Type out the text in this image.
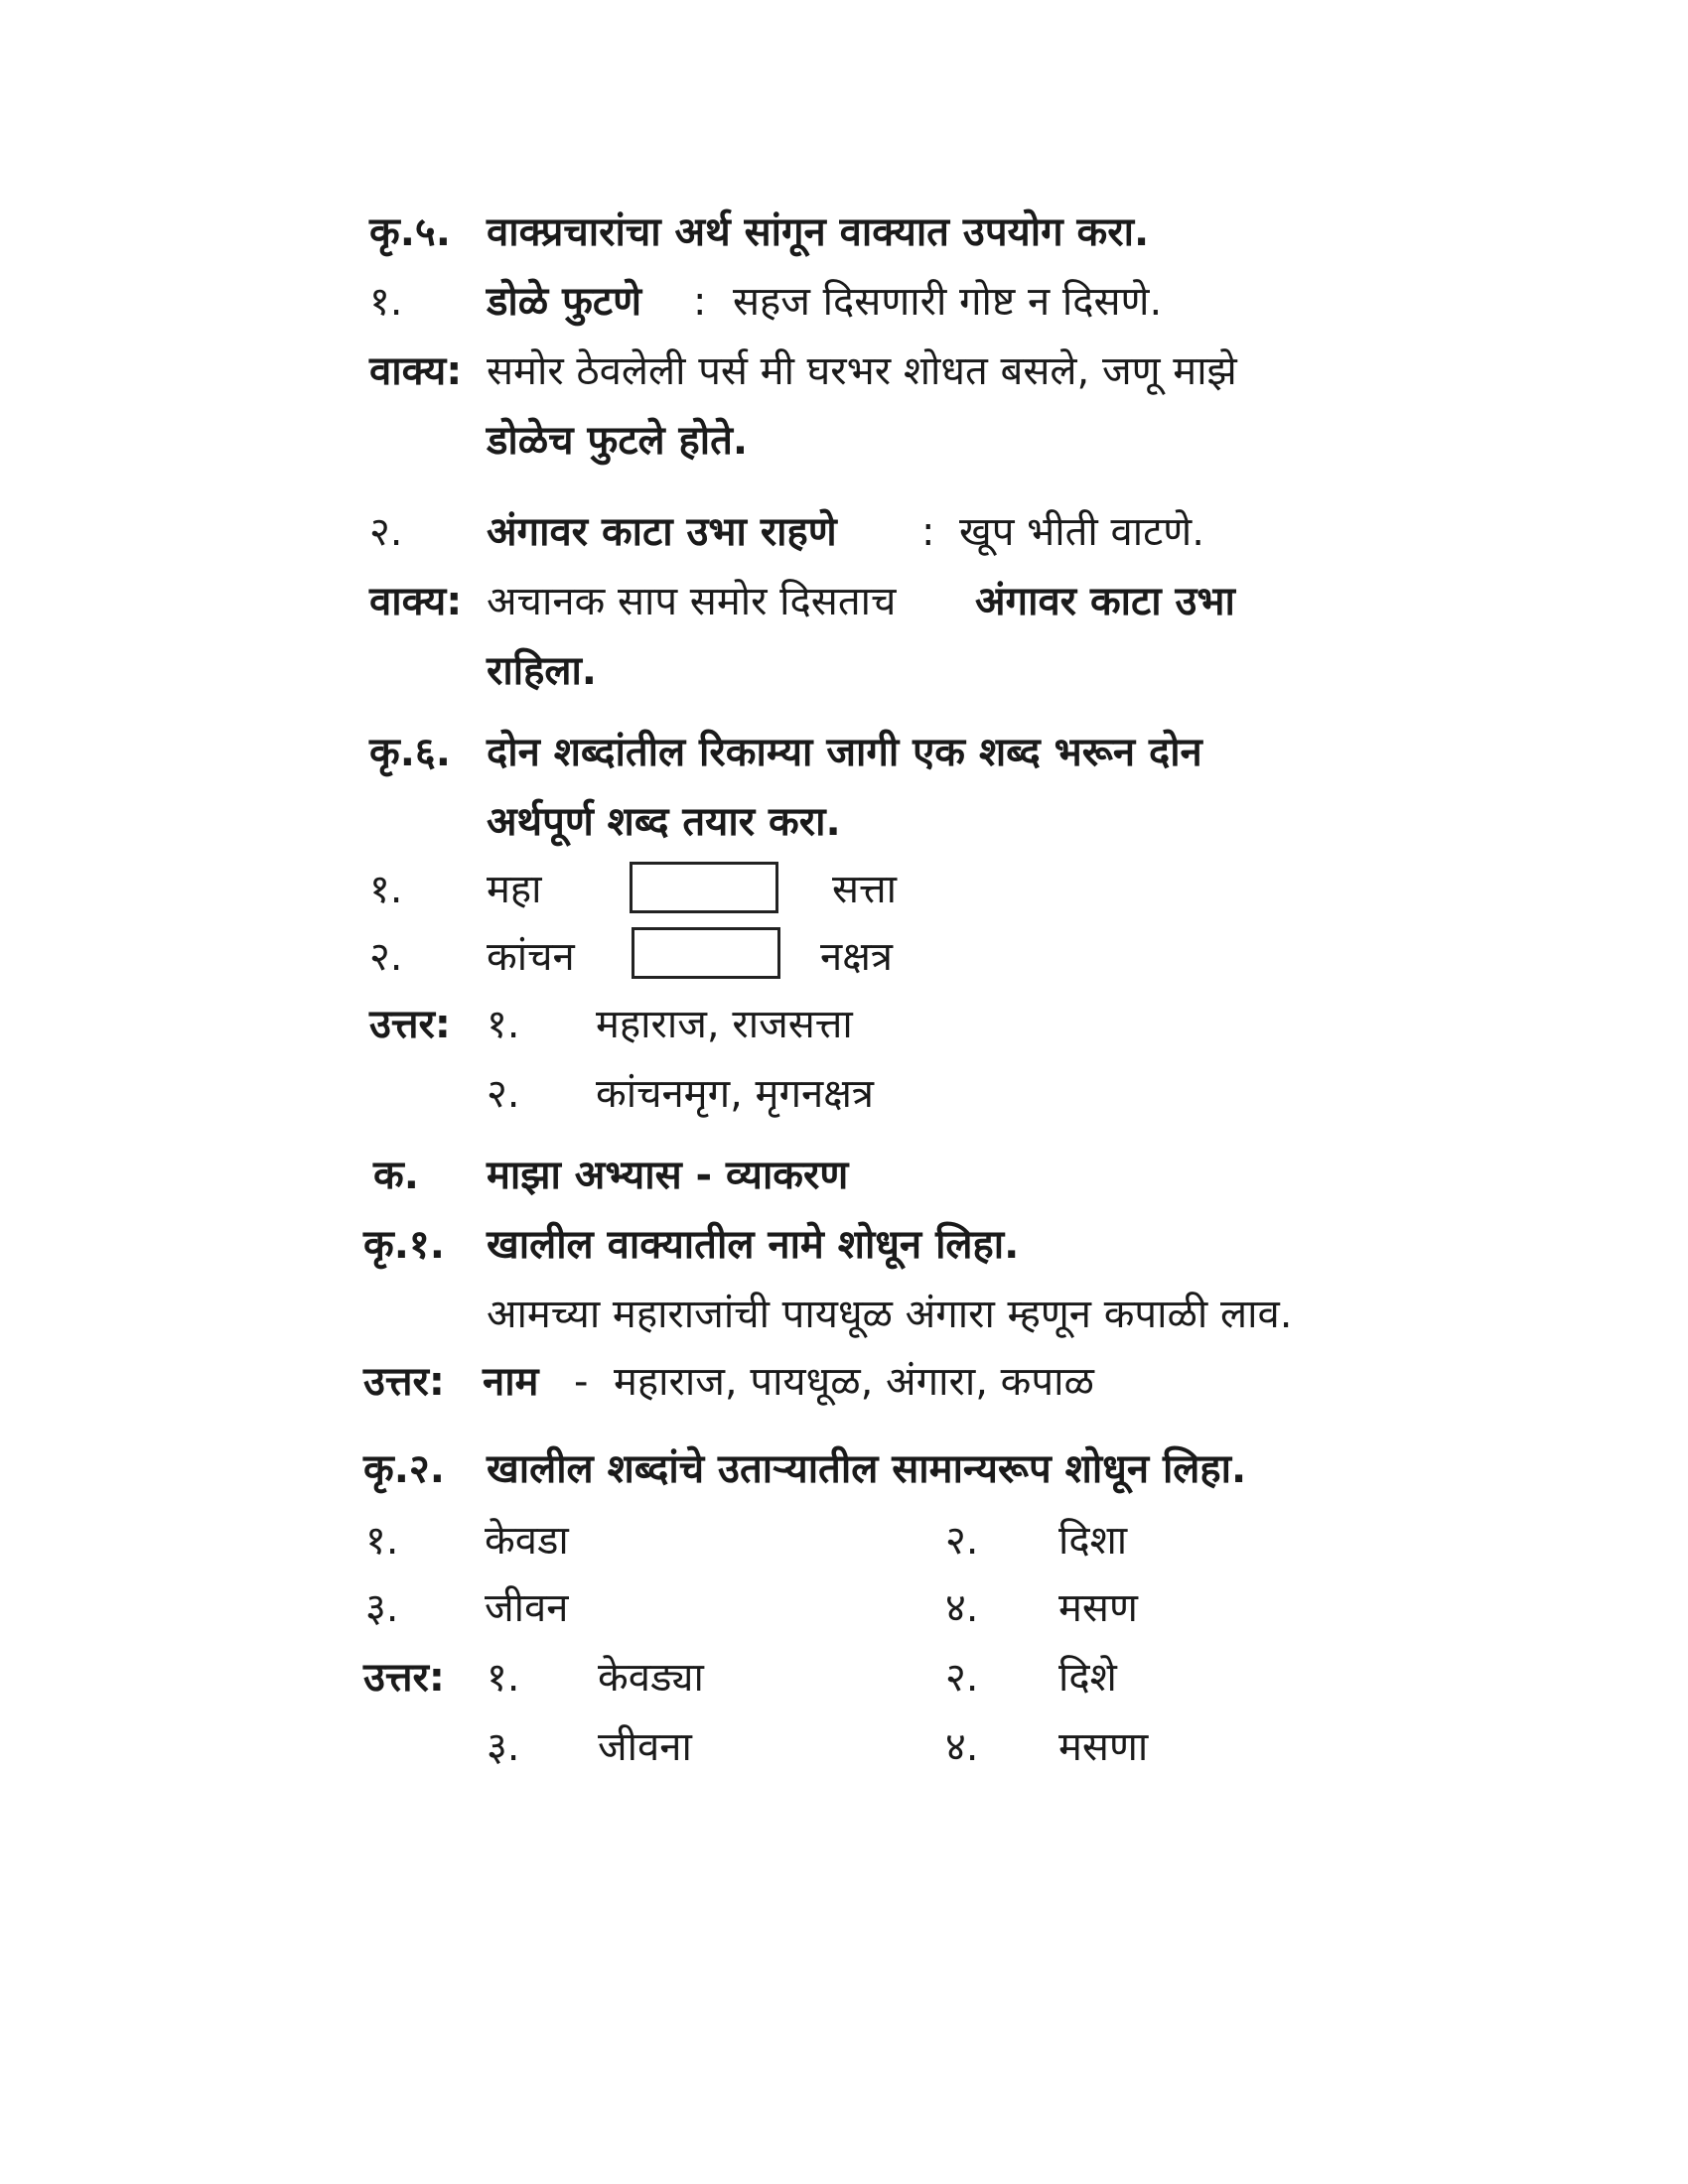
कृ.५. वाक्प्रचारांचा अर्थ सांगून वाक्यात उपयोग करा.
१. डोळे फुटणे : सहज दिसणारी गोष्ट न दिसणे.
वाक्य: समोर ठेवलेली पर्स मी घरभर शोधत बसले, जणू माझे
डोळेच फुटले होते.
२. अंगावर काटा उभा राहणे : खूप भीती वाटणे.
वाक्य: अचानक साप समोर दिसताच अंगावर काटा उभा
राहिला.
कृ.६. दोन शब्दांतील रिकाम्या जागी एक शब्द भरून दोन
अर्थपूर्ण शब्द तयार करा.
१. महा	सत्ता
२. कांचन	नक्षत्र
उत्तर: १. महाराज, राजसत्ता
२. कांचनमृग, मृगनक्षत्र
क. माझा अभ्यास - व्याकरण
कृ.१. खालील वाक्यातील नामे शोधून लिहा.
आमच्या महाराजांची पायधूळ अंगारा म्हणून कपाळी लाव.
उत्तर: नाम - महाराज, पायधूळ, अंगारा, कपाळ
कृ.२. खालील शब्दांचे उताऱ्यातील सामान्यरूप शोधून लिहा.
१. केवडा	२. दिशा
३. जीवन	४. मसण
उत्तर: १. केवड्या	२. दिशे
३. जीवना	४. मसणा
